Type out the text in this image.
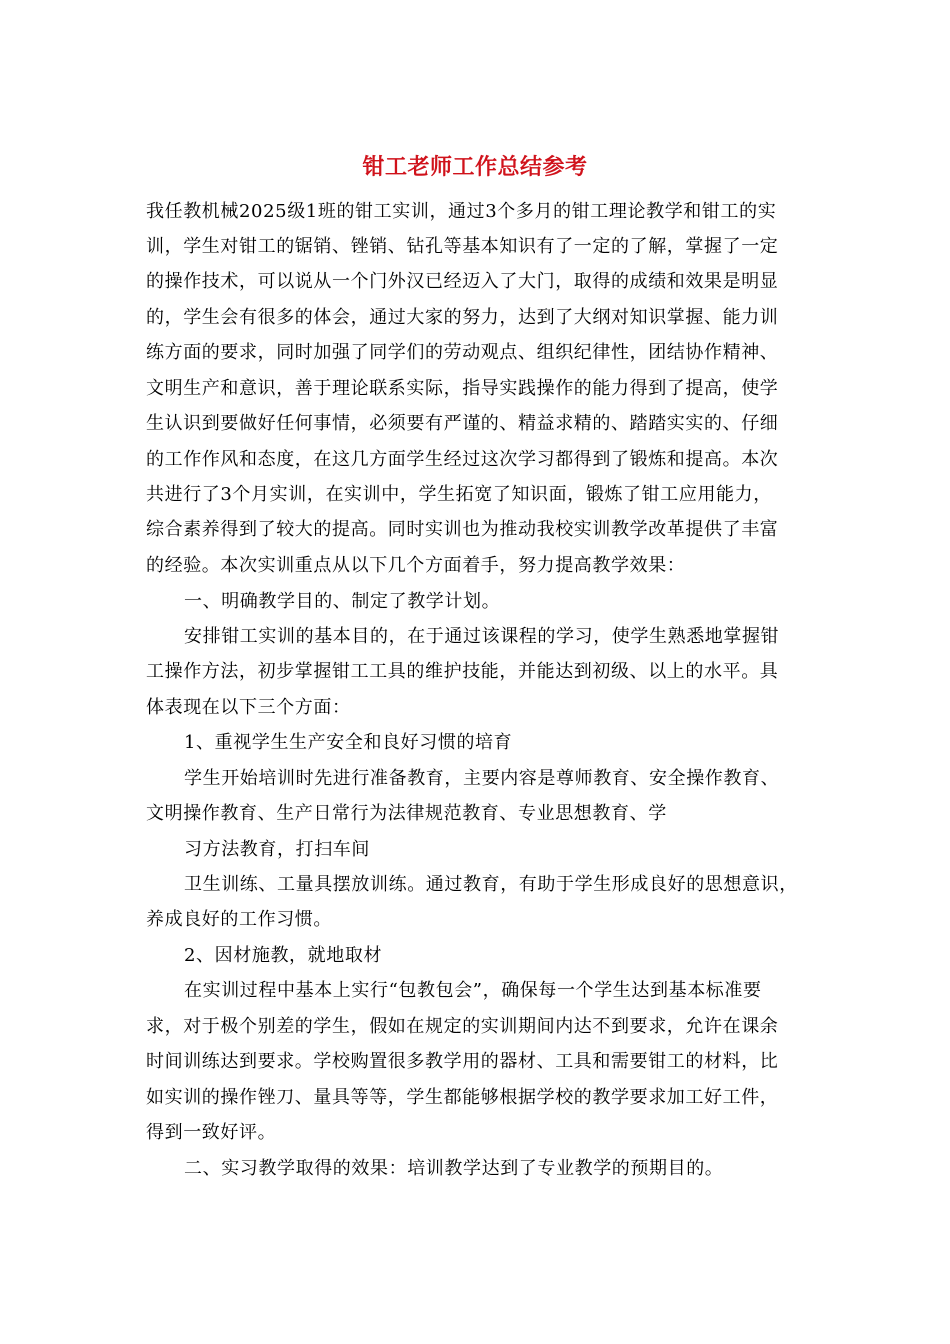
钳工老师工作总结参考
我任教机械2025级1班的钳工实训，通过3个多月的钳工理论教学和钳工的实
训，学生对钳工的锯销、锉销、钻孔等基本知识有了一定的了解，掌握了一定
的操作技术，可以说从一个门外汉已经迈入了大门，取得的成绩和效果是明显
的，学生会有很多的体会，通过大家的努力，达到了大纲对知识掌握、能力训
练方面的要求，同时加强了同学们的劳动观点、组织纪律性，团结协作精神、
文明生产和意识，善于理论联系实际，指导实践操作的能力得到了提高，使学
生认识到要做好任何事情，必须要有严谨的、精益求精的、踏踏实实的、仔细
的工作作风和态度，在这几方面学生经过这次学习都得到了锻炼和提高。本次
共进行了3个月实训，在实训中，学生拓宽了知识面，锻炼了钳工应用能力，
综合素养得到了较大的提高。同时实训也为推动我校实训教学改革提供了丰富
的经验。本次实训重点从以下几个方面着手，努力提高教学效果：
一、明确教学目的、制定了教学计划。
安排钳工实训的基本目的，在于通过该课程的学习，使学生熟悉地掌握钳
工操作方法，初步掌握钳工工具的维护技能，并能达到初级、以上的水平。具
体表现在以下三个方面：
1、重视学生生产安全和良好习惯的培育
学生开始培训时先进行准备教育，主要内容是尊师教育、安全操作教育、
文明操作教育、生产日常行为法律规范教育、专业思想教育、学
习方法教育，打扫车间
卫生训练、工量具摆放训练。通过教育，有助于学生形成良好的思想意识，
养成良好的工作习惯。
2、因材施教，就地取材
在实训过程中基本上实行“包教包会”，确保每一个学生达到基本标准要
求，对于极个别差的学生，假如在规定的实训期间内达不到要求，允许在课余
时间训练达到要求。学校购置很多教学用的器材、工具和需要钳工的材料，比
如实训的操作锉刀、量具等等，学生都能够根据学校的教学要求加工好工件，
得到一致好评。
二、实习教学取得的效果：培训教学达到了专业教学的预期目的。
